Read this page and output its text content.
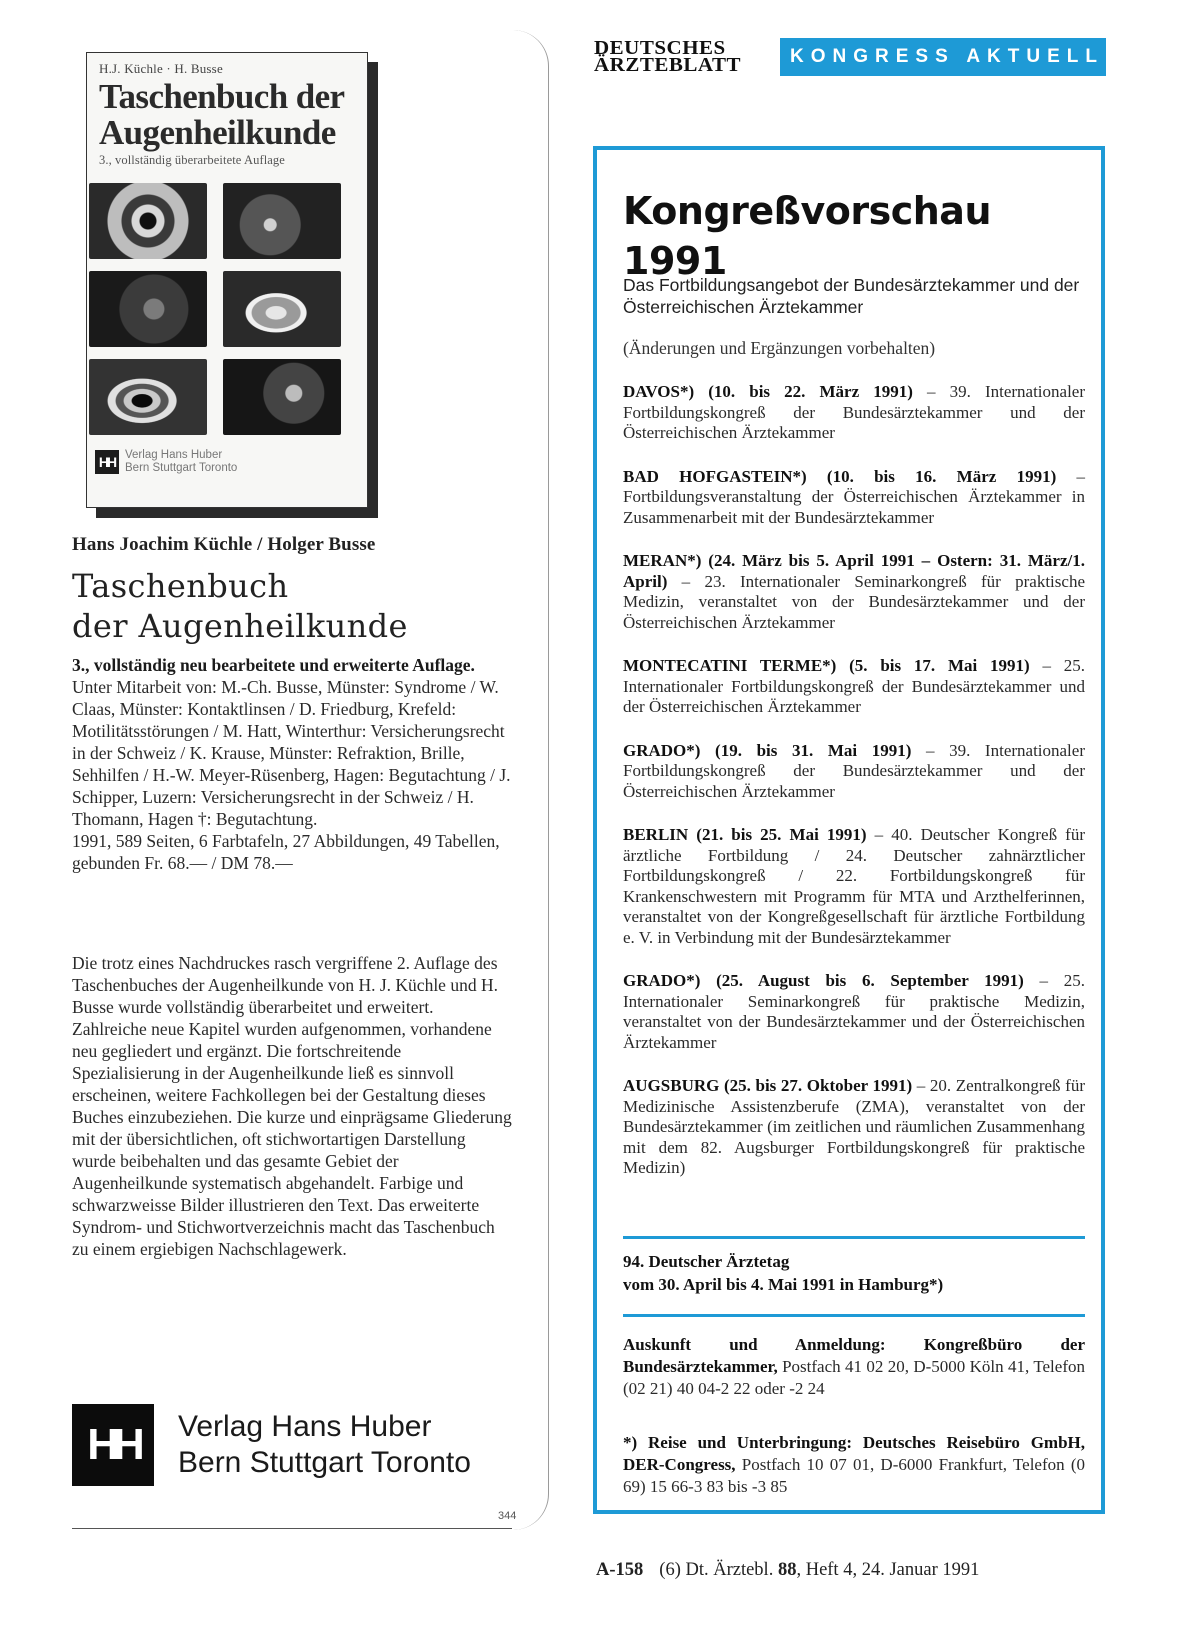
H.J. Küchle · H. Busse
Taschenbuch der
Augenheilkunde
3., vollständig überarbeitete Auflage
HH Verlag Hans Huber
Bern Stuttgart Toronto
Hans Joachim Küchle / Holger Busse
Taschenbuch
der Augenheilkunde
3., vollständig neu bearbeitete und erweiterte Auflage. Unter Mitarbeit von: M.-Ch. Busse, Münster: Syndrome / W. Claas, Münster: Kontaktlinsen / D. Friedburg, Krefeld: Motilitätsstörungen / M. Hatt, Winterthur: Versicherungsrecht in der Schweiz / K. Krause, Münster: Refraktion, Brille, Sehhilfen / H.-W. Meyer-Rüsenberg, Hagen: Begutachtung / J. Schipper, Luzern: Versicherungsrecht in der Schweiz / H. Thomann, Hagen †: Begutachtung.
1991, 589 Seiten, 6 Farbtafeln, 27 Abbildungen, 49 Tabellen, gebunden Fr. 68.— / DM 78.—
Die trotz eines Nachdruckes rasch vergriffene 2. Auflage des Taschenbuches der Augenheilkunde von H. J. Küchle und H. Busse wurde vollständig überarbeitet und erweitert. Zahlreiche neue Kapitel wurden aufgenommen, vorhandene neu gegliedert und ergänzt. Die fortschreitende Spezialisierung in der Augenheilkunde ließ es sinnvoll erscheinen, weitere Fachkollegen bei der Gestaltung dieses Buches einzubeziehen. Die kurze und einprägsame Gliederung mit der übersichtlichen, oft stichwortartigen Darstellung wurde beibehalten und das gesamte Gebiet der Augenheilkunde systematisch abgehandelt. Farbige und schwarzweisse Bilder illustrieren den Text. Das erweiterte Syndrom- und Stichwortverzeichnis macht das Taschenbuch zu einem ergiebigen Nachschlagewerk.
HH	Verlag Hans Huber
Bern Stuttgart Toronto
344
DEUTSCHES
ÄRZTEBLATT	KONGRESS AKTUELL
Kongreßvorschau 1991
Das Fortbildungsangebot der Bundesärztekammer und der Österreichischen Ärztekammer
(Änderungen und Ergänzungen vorbehalten)

DAVOS*) (10. bis 22. März 1991) – 39. Internationaler Fortbildungskongreß der Bundesärztekammer und der Österreichischen Ärztekammer

BAD HOFGASTEIN*) (10. bis 16. März 1991) – Fortbildungsveranstaltung der Österreichischen Ärztekammer in Zusammenarbeit mit der Bundesärztekammer

MERAN*) (24. März bis 5. April 1991 – Ostern: 31. März/1. April) – 23. Internationaler Seminarkongreß für praktische Medizin, veranstaltet von der Bundesärztekammer und der Österreichischen Ärztekammer

MONTECATINI TERME*) (5. bis 17. Mai 1991) – 25. Internationaler Fortbildungskongreß der Bundesärztekammer und der Österreichischen Ärztekammer

GRADO*) (19. bis 31. Mai 1991) – 39. Internationaler Fortbildungskongreß der Bundesärztekammer und der Österreichischen Ärztekammer

BERLIN (21. bis 25. Mai 1991) – 40. Deutscher Kongreß für ärztliche Fortbildung / 24. Deutscher zahnärztlicher Fortbildungskongreß / 22. Fortbildungskongreß für Krankenschwestern mit Programm für MTA und Arzthelferinnen, veranstaltet von der Kongreßgesellschaft für ärztliche Fortbildung e. V. in Verbindung mit der Bundesärztekammer

GRADO*) (25. August bis 6. September 1991) – 25. Internationaler Seminarkongreß für praktische Medizin, veranstaltet von der Bundesärztekammer und der Österreichischen Ärztekammer

AUGSBURG (25. bis 27. Oktober 1991) – 20. Zentralkongreß für Medizinische Assistenzberufe (ZMA), veranstaltet von der Bundesärztekammer (im zeitlichen und räumlichen Zusammenhang mit dem 82. Augsburger Fortbildungskongreß für praktische Medizin)

94. Deutscher Ärztetag
vom 30. April bis 4. Mai 1991 in Hamburg*)

Auskunft und Anmeldung: Kongreßbüro der Bundesärztekammer, Postfach 41 02 20, D-5000 Köln 41, Telefon (02 21) 40 04-2 22 oder -2 24

*) Reise und Unterbringung: Deutsches Reisebüro GmbH, DER-Congress, Postfach 10 07 01, D-6000 Frankfurt, Telefon (0 69) 15 66-3 83 bis -3 85

A-158 (6) Dt. Ärztebl. 88, Heft 4, 24. Januar 1991
